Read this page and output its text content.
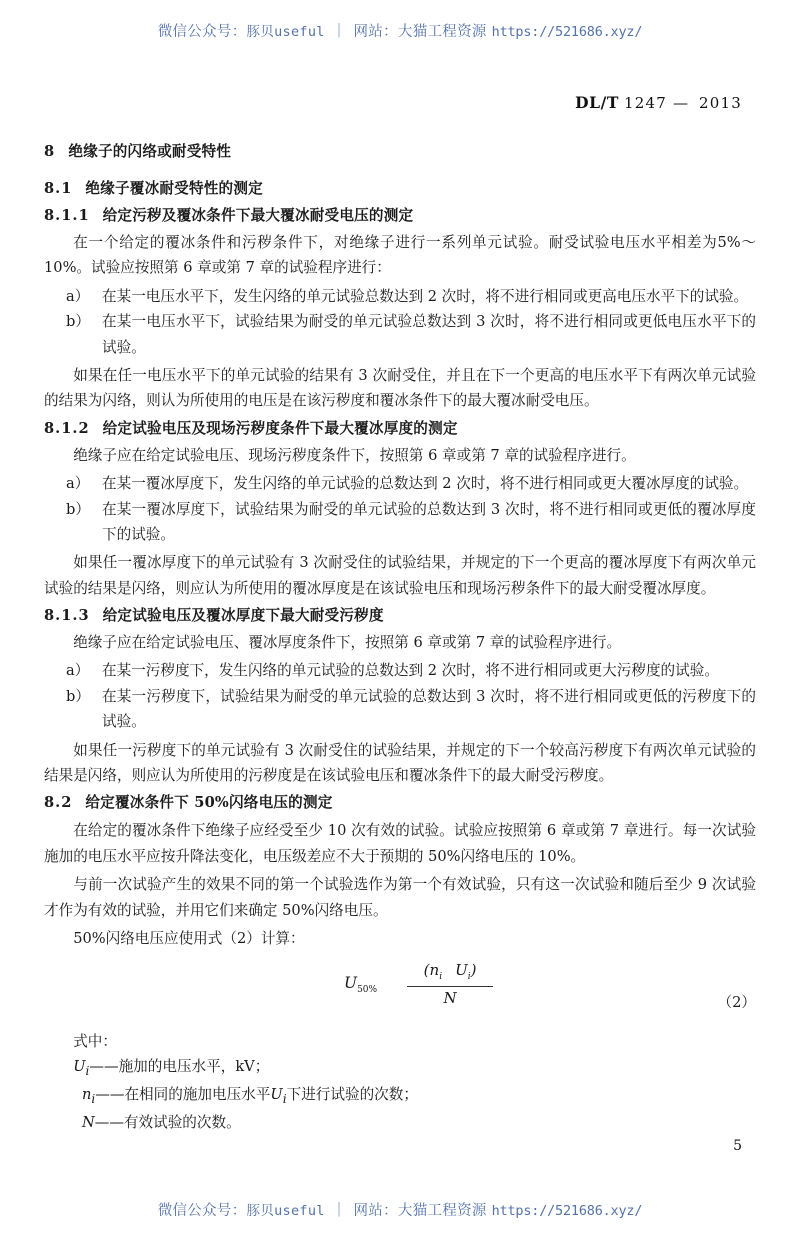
微信公众号：豚贝useful ｜ 网站：大猫工程资源 https://521686.xyz/
DL/T 1247 — 2013
8 绝缘子的闪络或耐受特性
8.1 绝缘子覆冰耐受特性的测定
8.1.1 给定污秽及覆冰条件下最大覆冰耐受电压的测定

在一个给定的覆冰条件和污秽条件下，对绝缘子进行一系列单元试验。耐受试验电压水平相差为5%～10%。试验应按照第 6 章或第 7 章的试验程序进行：

a） 在某一电压水平下，发生闪络的单元试验总数达到 2 次时，将不进行相同或更高电压水平下的试验。
b） 在某一电压水平下，试验结果为耐受的单元试验总数达到 3 次时，将不进行相同或更低电压水平下的试验。

如果在任一电压水平下的单元试验的结果有 3 次耐受住，并且在下一个更高的电压水平下有两次单元试验的结果为闪络，则认为所使用的电压是在该污秽度和覆冰条件下的最大覆冰耐受电压。

8.1.2 给定试验电压及现场污秽度条件下最大覆冰厚度的测定

绝缘子应在给定试验电压、现场污秽度条件下，按照第 6 章或第 7 章的试验程序进行。

a） 在某一覆冰厚度下，发生闪络的单元试验的总数达到 2 次时，将不进行相同或更大覆冰厚度的试验。
b） 在某一覆冰厚度下，试验结果为耐受的单元试验的总数达到 3 次时，将不进行相同或更低的覆冰厚度下的试验。

如果任一覆冰厚度下的单元试验有 3 次耐受住的试验结果，并规定的下一个更高的覆冰厚度下有两次单元试验的结果是闪络，则应认为所使用的覆冰厚度是在该试验电压和现场污秽条件下的最大耐受覆冰厚度。

8.1.3 给定试验电压及覆冰厚度下最大耐受污秽度

绝缘子应在给定试验电压、覆冰厚度条件下，按照第 6 章或第 7 章的试验程序进行。

a） 在某一污秽度下，发生闪络的单元试验的总数达到 2 次时，将不进行相同或更大污秽度的试验。
b） 在某一污秽度下，试验结果为耐受的单元试验的总数达到 3 次时，将不进行相同或更低的污秽度下的试验。

如果任一污秽度下的单元试验有 3 次耐受住的试验结果，并规定的下一个较高污秽度下有两次单元试验的结果是闪络，则应认为所使用的污秽度是在该试验电压和覆冰条件下的最大耐受污秽度。

8.2 给定覆冰条件下 50%闪络电压的测定

在给定的覆冰条件下绝缘子应经受至少 10 次有效的试验。试验应按照第 6 章或第 7 章进行。每一次试验施加的电压水平应按升降法变化，电压级差应不大于预期的 50%闪络电压的 10%。

与前一次试验产生的效果不同的第一个试验选作为第一个有效试验，只有这一次试验和随后至少 9 次试验才作为有效的试验，并用它们来确定 50%闪络电压。

50%闪络电压应使用式（2）计算：

$U_{50\%}$	$\frac{(n_i U_i)}{N}$	（2）

式中：

$U_i——$施加的电压水平，kV；
$n_i——$在相同的施加电压水平$U_i$下进行试验的次数；
N——有效试验的次数。
5
微信公众号：豚贝useful ｜ 网站：大猫工程资源 https://521686.xyz/
